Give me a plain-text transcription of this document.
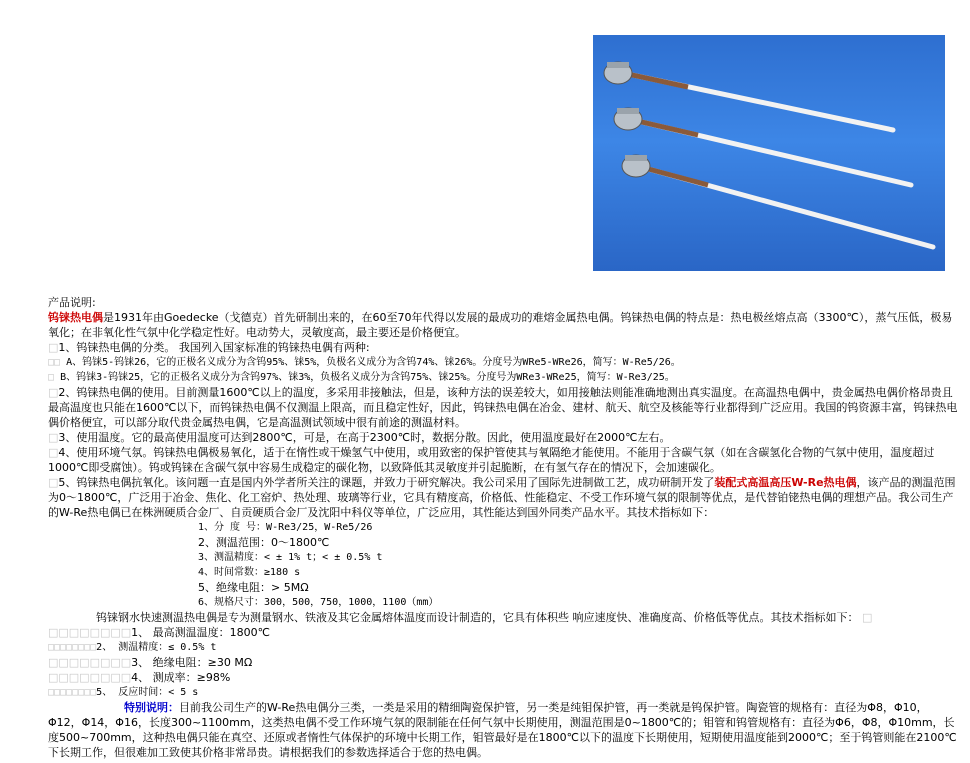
产品说明:
钨铼热电偶是1931年由Goedecke（戈德克）首先研制出来的，在60至70年代得以发展的最成功的难熔金属热电偶。钨铼热电偶的特点是：热电极丝熔点高（3300℃），蒸气压低，极易氧化；在非氧化性气氛中化学稳定性好。电动势大，灵敏度高，最主要还是价格便宜。
□1、钨铼热电偶的分类。 我国列入国家标准的钨铼热电偶有两种:
□□ A、钨铼5-钨铼26，它的正极名义成分为含钨95%、铼5%，负极名义成分为含钨74%、铼26%。分度号为WRe5-WRe26，简写：W-Re5/26。
□ B、钨铼3-钨铼25，它的正极名义成分为含钨97%、铼3%，负极名义成分为含钨75%、铼25%。分度号为WRe3-WRe25，简写：W-Re3/25。
□2、钨铼热电偶的使用。目前测量1600℃以上的温度，多采用非接触法，但是，该种方法的误差较大，如用接触法则能准确地测出真实温度。在高温热电偶中，贵金属热电偶价格昂贵且最高温度也只能在1600℃以下，而钨铼热电偶不仅测温上限高，而且稳定性好，因此，钨铼热电偶在冶金、建材、航天、航空及核能等行业都得到广泛应用。我国的钨资源丰富，钨铼热电偶价格便宜，可以部分取代贵金属热电偶，它是高温测试领域中很有前途的测温材料。
□3、使用温度。它的最高使用温度可达到2800℃，可是，在高于2300℃时，数据分散。因此，使用温度最好在2000℃左右。
□4、使用环境气氛。钨铼热电偶极易氧化，适于在惰性或干燥氢气中使用，或用致密的保护管使其与氧隔绝才能使用。不能用于含碳气氛（如在含碳氢化合物的气氛中使用，温度超过1000℃即受腐蚀）。钨或钨铼在含碳气氛中容易生成稳定的碳化物，以致降低其灵敏度并引起脆断，在有氢气存在的情况下，会加速碳化。
□5、钨铼热电偶抗氧化。该问题一直是国内外学者所关注的课题，并致力于研究解决。我公司采用了国际先进制做工艺，成功研制开发了装配式高温高压W-Re热电偶，该产品的测温范围为0～1800℃，广泛用于冶金、焦化、化工窑炉、热处理、玻璃等行业，它具有精度高，价格低、性能稳定、不受工作环境气氛的限制等优点，是代替铂铑热电偶的理想产品。我公司生产的W-Re热电偶已在株洲硬质合金厂、自贡硬质合金厂及沈阳中科仪等单位，广泛应用，其性能达到国外同类产品水平。其技术指标如下：
1、分 度 号：W-Re3/25，W-Re5/26
2、测温范围：0～1800℃
3、测温精度：< ± 1% t；< ± 0.5% t
4、时间常数：≥180 s
5、绝缘电阻：> 5MΩ
6、规格尺寸：300，500，750，1000，1100（mm）
钨铼钢水快速测温热电偶是专为测量钢水、铁液及其它金属熔体温度而设计制造的，它具有体积些 响应速度快、准确度高、价格低等优点。其技术指标如下： □
□□□□□□□□1、 最高测温温度：1800℃
□□□□□□□□2、 测温精度：≤ 0.5% t
□□□□□□□□3、 绝缘电阻：≥30 MΩ
□□□□□□□□4、 测成率：≥98%
□□□□□□□□5、 反应时间：< 5 s
特别说明：目前我公司生产的W-Re热电偶分三类，一类是采用的精细陶瓷保护管，另一类是纯钼保护管，再一类就是钨保护管。陶瓷管的规格有：直径为Φ8，Φ10，Φ12，Φ14，Φ16，长度300~1100mm，这类热电偶不受工作环境气氛的限制能在任何气氛中长期使用，测温范围是0~1800℃的；钼管和钨管规格有：直径为Φ6，Φ8，Φ10mm，长度500~700mm，这种热电偶只能在真空、还原或者惰性气体保护的环境中长期工作，钼管最好是在1800℃以下的温度下长期使用，短期使用温度能到2000℃；至于钨管则能在2100℃下长期工作，但很难加工致使其价格非常昂贵。请根据我们的参数选择适合于您的热电偶。
